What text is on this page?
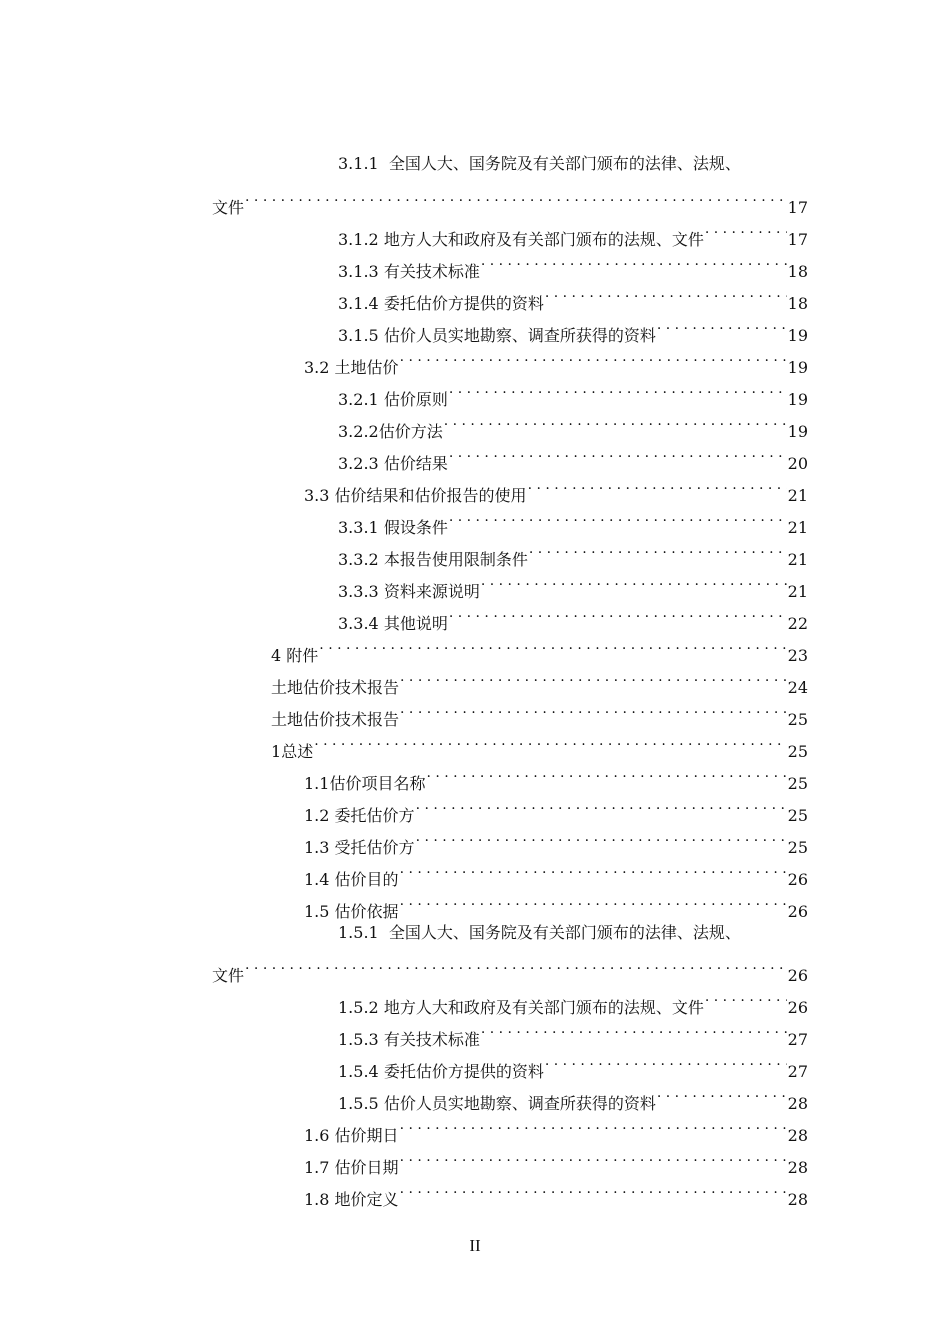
3.1.1 全国人大、国务院及有关部门颁布的法律、法规、
文件 . . .	17
3.1.2 地方人大和政府及有关部门颁布的法规、文件 . . .	17
3.1.3 有关技术标准 . . .	18
3.1.4 委托估价方提供的资料 . . .	18
3.1.5 估价人员实地勘察、调查所获得的资料 . . .	19
3.2 土地估价 . . .	19
3.2.1 估价原则 . . .	19
3.2.2估价方法 . . .	19
3.2.3 估价结果 . . .	20
3.3 估价结果和估价报告的使用 . . .	21
3.3.1 假设条件 . . .	21
3.3.2 本报告使用限制条件 . . .	21
3.3.3 资料来源说明 . . .	21
3.3.4 其他说明 . . .	22
4 附件 . . .	23
土地估价技术报告 . . .	24
土地估价技术报告 . . .	25
1总述 . . .	25
1.1估价项目名称 . . .	25
1.2 委托估价方 . . .	25
1.3 受托估价方 . . .	25
1.4 估价目的 . . .	26
1.5 估价依据 . . .	26
1.5.1 全国人大、国务院及有关部门颁布的法律、法规、
文件 . . .	26
1.5.2 地方人大和政府及有关部门颁布的法规、文件 . . .	26
1.5.3 有关技术标准 . . .	27
1.5.4 委托估价方提供的资料 . . .	27
1.5.5 估价人员实地勘察、调查所获得的资料 . . .	28
1.6 估价期日 . . .	28
1.7 估价日期 . . .	28
1.8 地价定义 . . .	28
II
